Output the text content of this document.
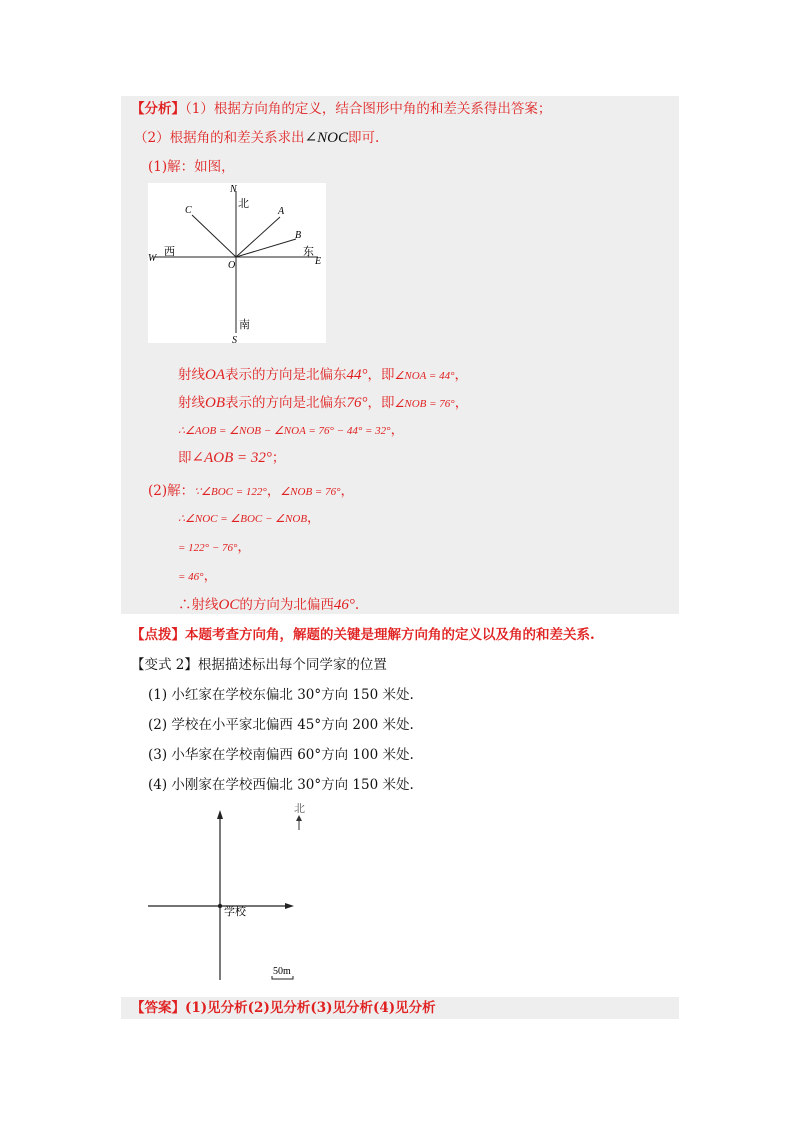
【分析】（1）根据方向角的定义，结合图形中角的和差关系得出答案；
（2）根据角的和差关系求出∠NOC即可.
(1)解：如图，
N
北
C	A
B
W
西
O
东
E
南
S
射线OA表示的方向是北偏东44°，即∠NOA = 44°，
射线OB表示的方向是北偏东76°，即∠NOB = 76°，
∴∠AOB = ∠NOB − ∠NOA = 76° − 44° = 32°，
即∠AOB = 32°；
(2)解：∵∠BOC = 122°，∠NOB = 76°，
∴∠NOC = ∠BOC − ∠NOB，
= 122° − 76°，
= 46°，
∴射线OC的方向为北偏西46°.
【点拨】本题考查方向角，解题的关键是理解方向角的定义以及角的和差关系.
【变式 2】根据描述标出每个同学家的位置
(1) 小红家在学校东偏北 30°方向 150 米处.
(2) 学校在小平家北偏西 45°方向 200 米处.
(3) 小华家在学校南偏西 60°方向 100 米处.
(4) 小刚家在学校西偏北 30°方向 150 米处.
学校
北
50m
【答案】(1)见分析(2)见分析(3)见分析(4)见分析
